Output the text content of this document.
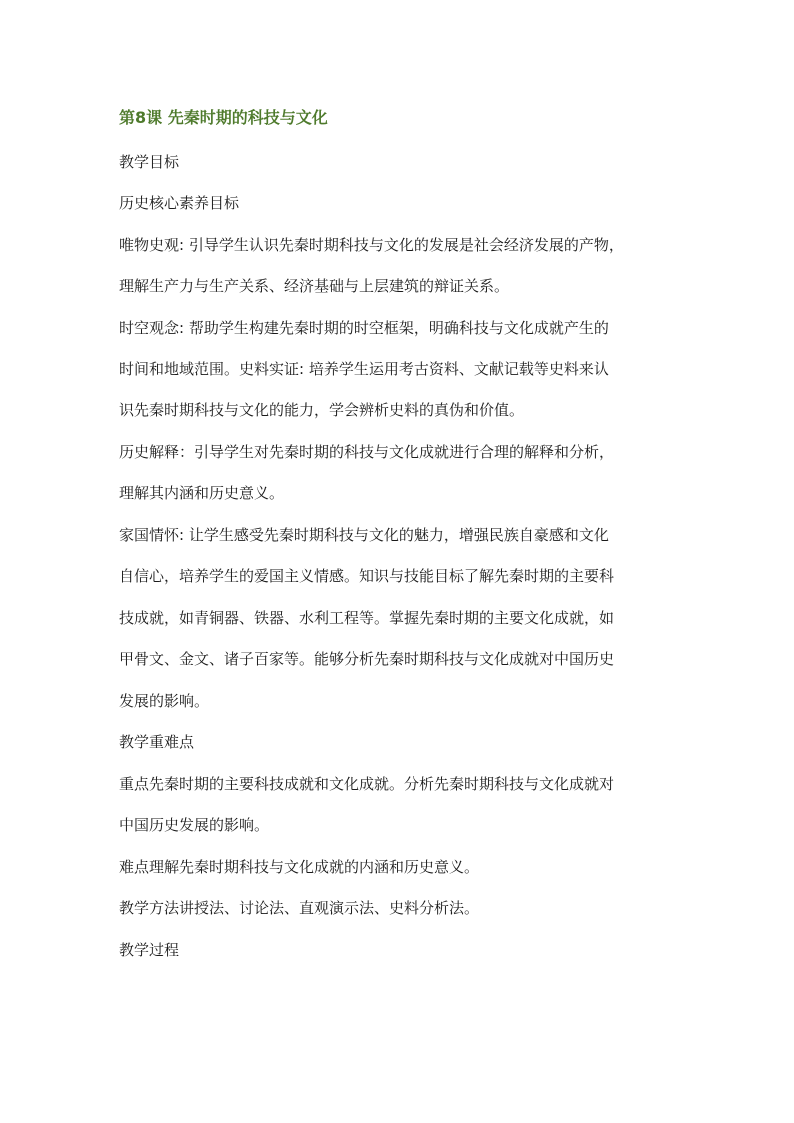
第8课 先秦时期的科技与文化
教学目标
历史核心素养目标
唯物史观: 引导学生认识先秦时期科技与文化的发展是社会经济发展的产物，
理解生产力与生产关系、经济基础与上层建筑的辩证关系。
时空观念: 帮助学生构建先秦时期的时空框架，明确科技与文化成就产生的
时间和地域范围。史料实证: 培养学生运用考古资料、文献记载等史料来认
识先秦时期科技与文化的能力，学会辨析史料的真伪和价值。
历史解释：引导学生对先秦时期的科技与文化成就进行合理的解释和分析，
理解其内涵和历史意义。
家国情怀: 让学生感受先秦时期科技与文化的魅力，增强民族自豪感和文化
自信心，培养学生的爱国主义情感。知识与技能目标了解先秦时期的主要科
技成就，如青铜器、铁器、水利工程等。掌握先秦时期的主要文化成就，如
甲骨文、金文、诸子百家等。能够分析先秦时期科技与文化成就对中国历史
发展的影响。
教学重难点
重点先秦时期的主要科技成就和文化成就。分析先秦时期科技与文化成就对
中国历史发展的影响。
难点理解先秦时期科技与文化成就的内涵和历史意义。
教学方法讲授法、讨论法、直观演示法、史料分析法。
教学过程
